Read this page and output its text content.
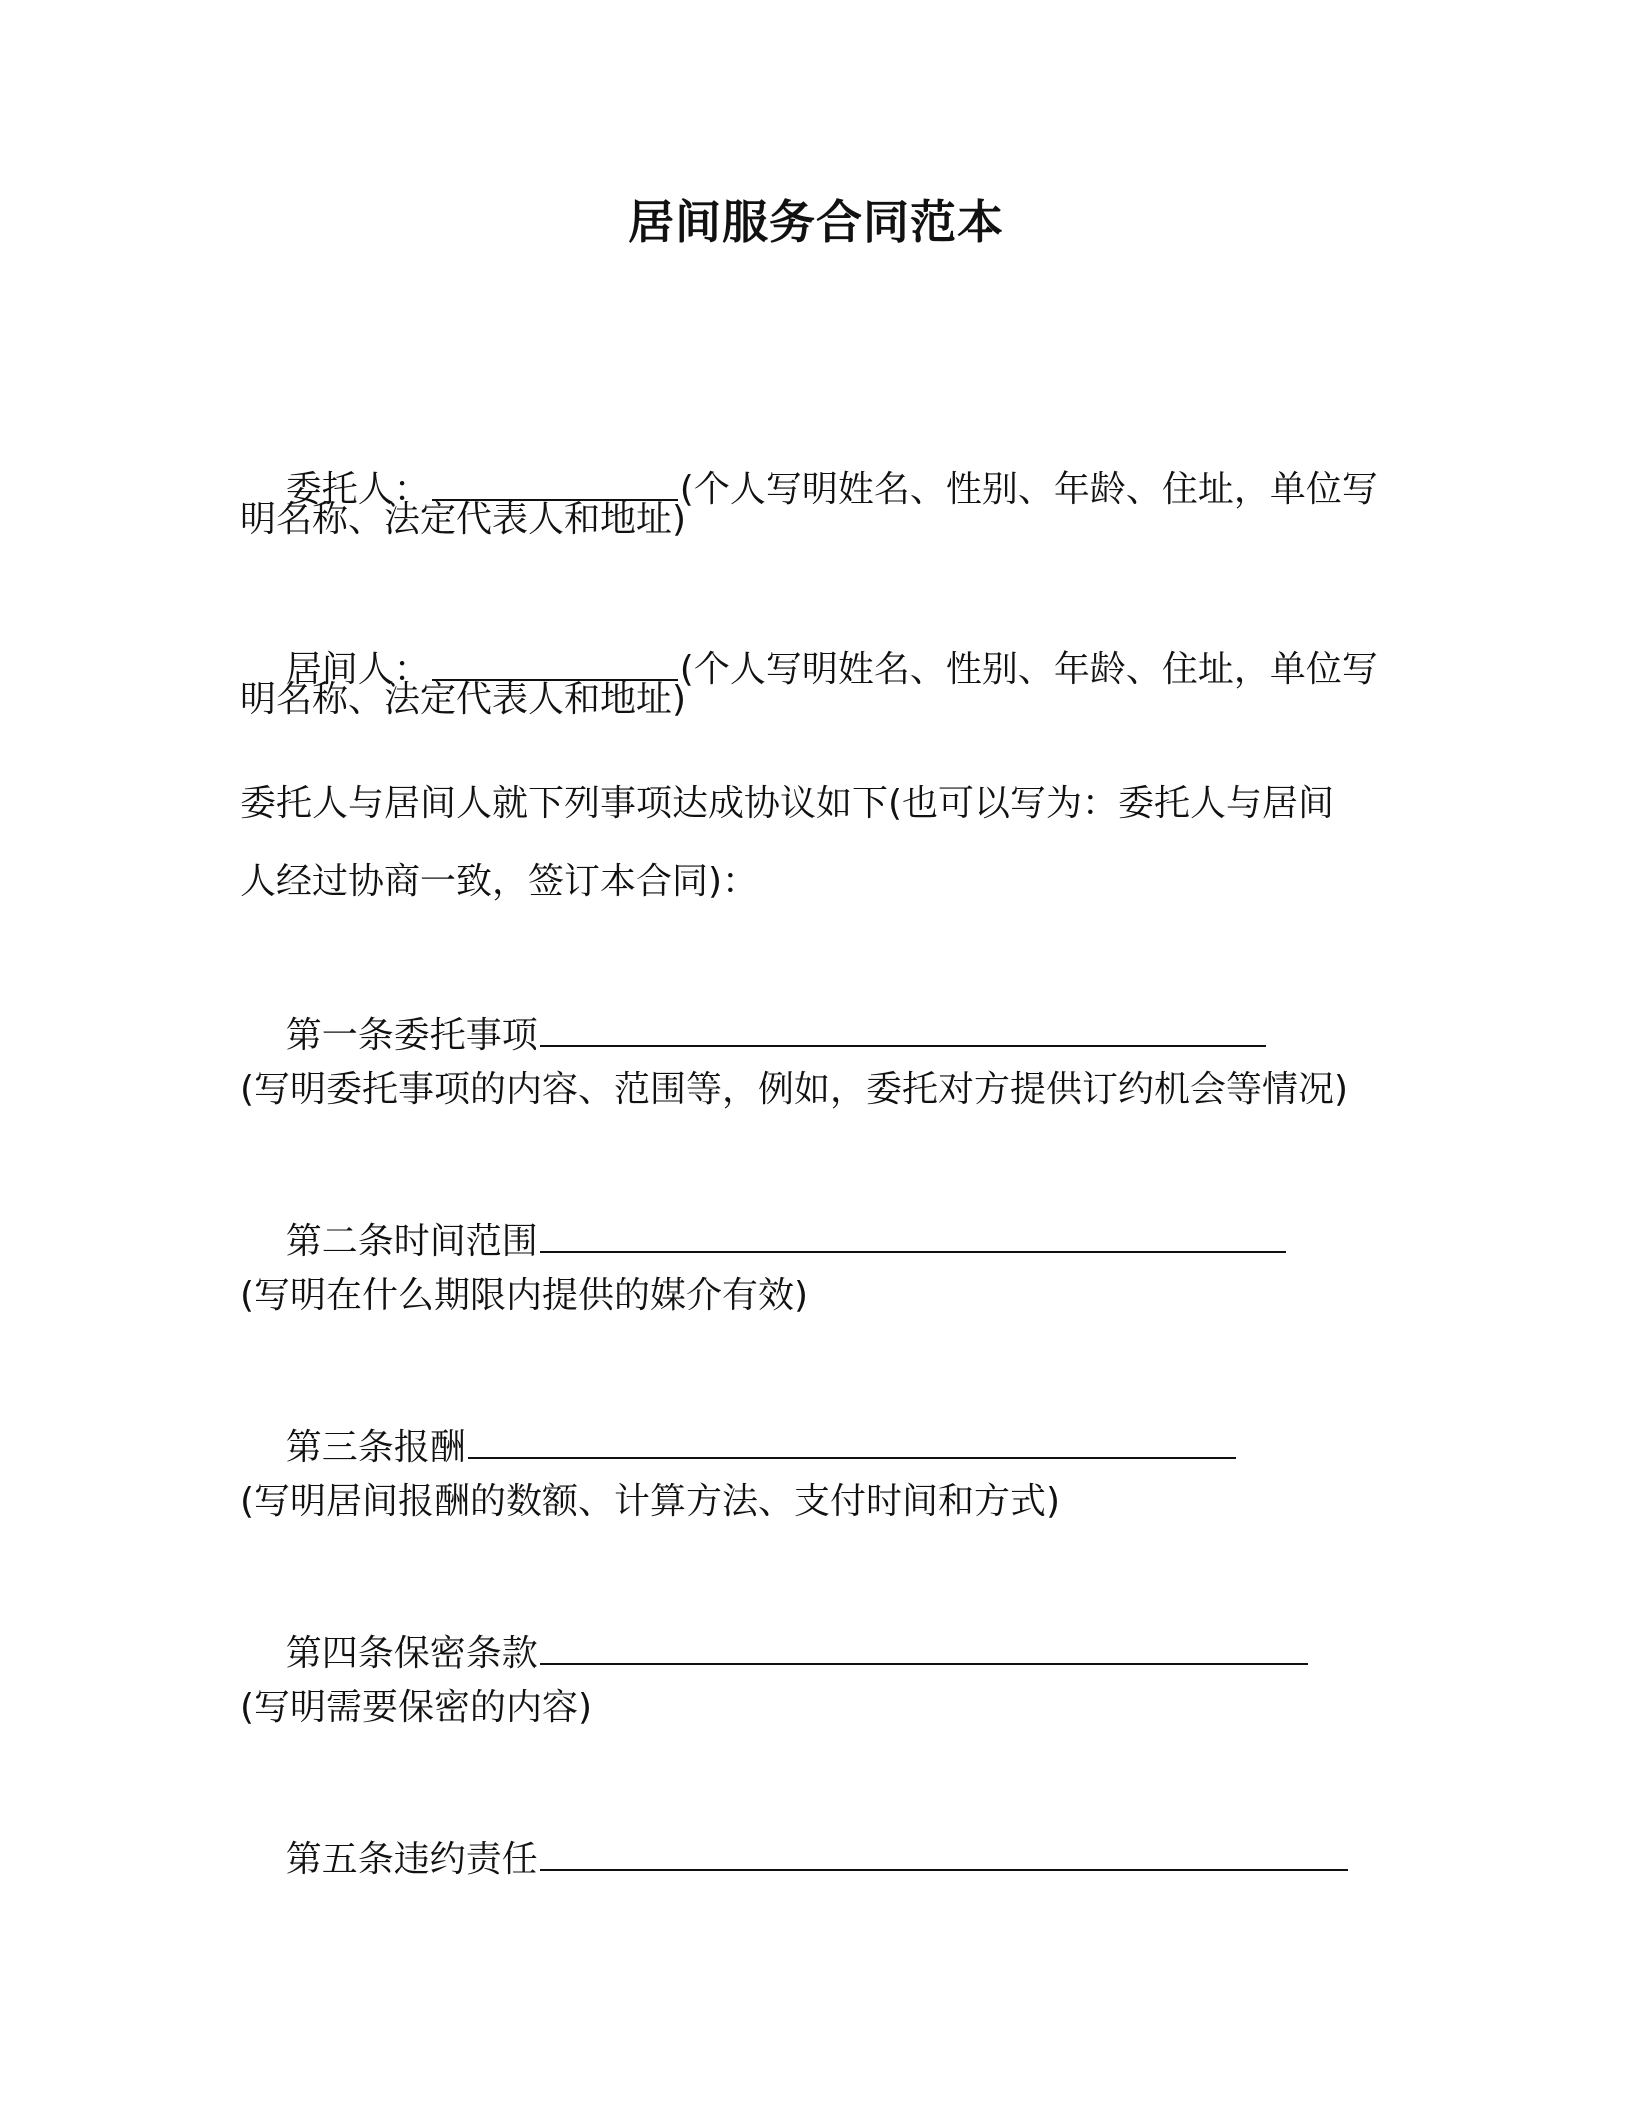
居间服务合同范本

委托人：	(个人写明姓名、性别、年龄、住址，单位写

明名称、法定代表人和地址)

居间人：	(个人写明姓名、性别、年龄、住址，单位写

明名称、法定代表人和地址)
委托人与居间人就下列事项达成协议如下(也可以写为：委托人与居间
人经过协商一致，签订本合同)：

第一条委托事项

(写明委托事项的内容、范围等，例如，委托对方提供订约机会等情况)

第二条时间范围

(写明在什么期限内提供的媒介有效)

第三条报酬

(写明居间报酬的数额、计算方法、支付时间和方式)

第四条保密条款

(写明需要保密的内容)

第五条违约责任
